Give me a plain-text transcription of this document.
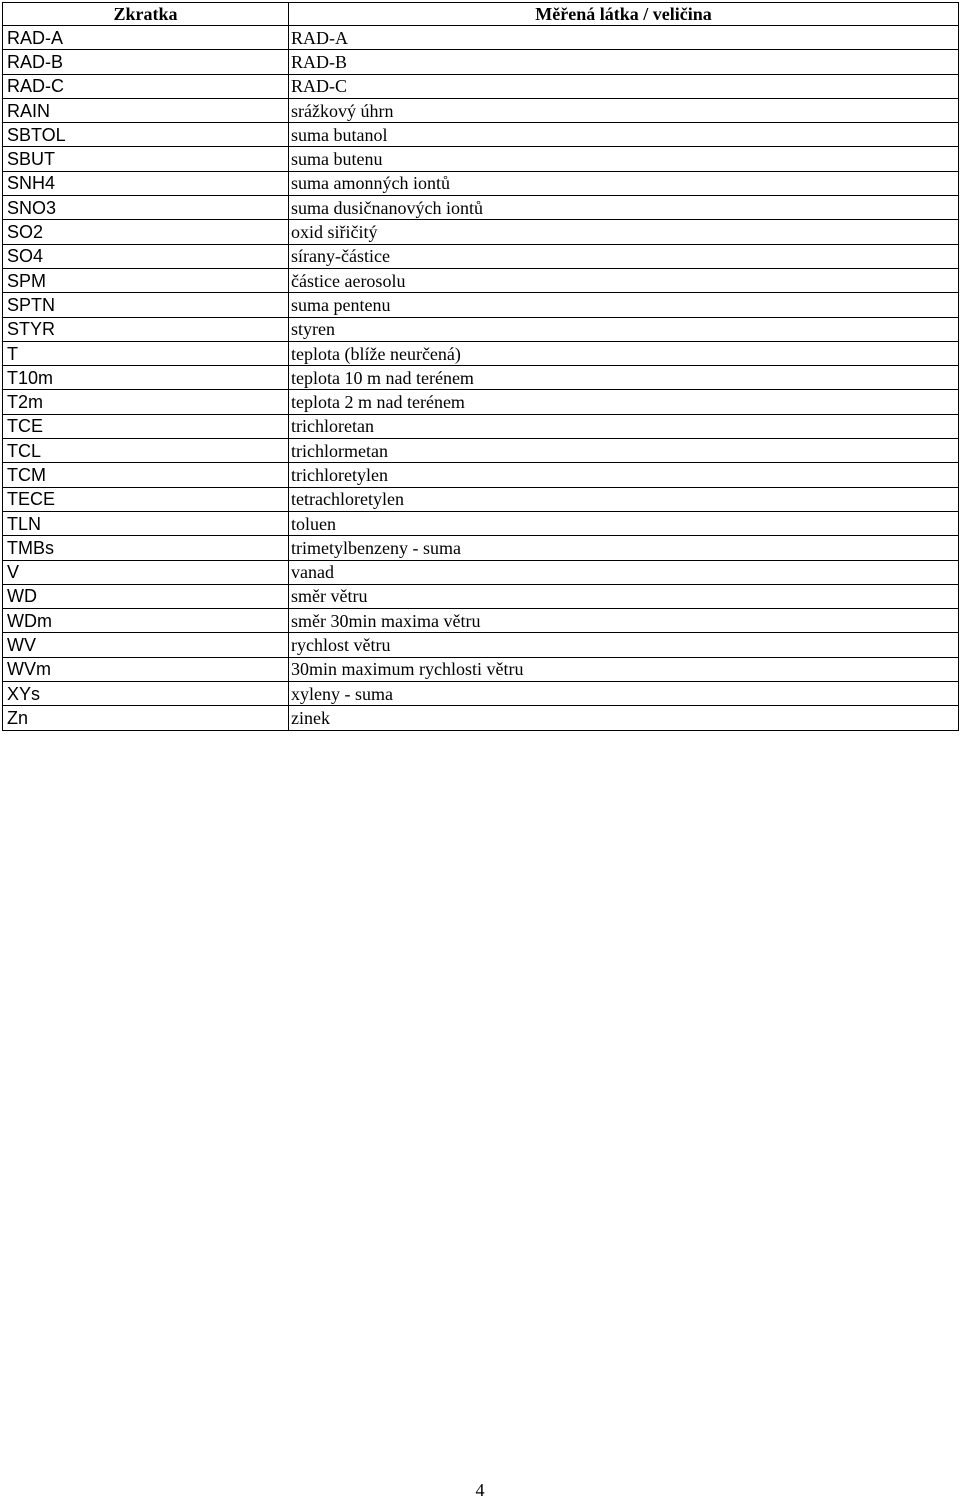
Zkratka	Měřená látka / veličina
RAD-A	RAD-A
RAD-B	RAD-B
RAD-C	RAD-C
RAIN	srážkový úhrn
SBTOL	suma butanol
SBUT	suma butenu
SNH4	suma amonných iontů
SNO3	suma dusičnanových iontů
SO2	oxid siřičitý
SO4	sírany-částice
SPM	částice aerosolu
SPTN	suma pentenu
STYR	styren
T	teplota (blíže neurčená)
T10m	teplota 10 m nad terénem
T2m	teplota 2 m nad terénem
TCE	trichloretan
TCL	trichlormetan
TCM	trichloretylen
TECE	tetrachloretylen
TLN	toluen
TMBs	trimetylbenzeny - suma
V	vanad
WD	směr větru
WDm	směr 30min maxima větru
WV	rychlost větru
WVm	30min maximum rychlosti větru
XYs	xyleny - suma
Zn	zinek
4
